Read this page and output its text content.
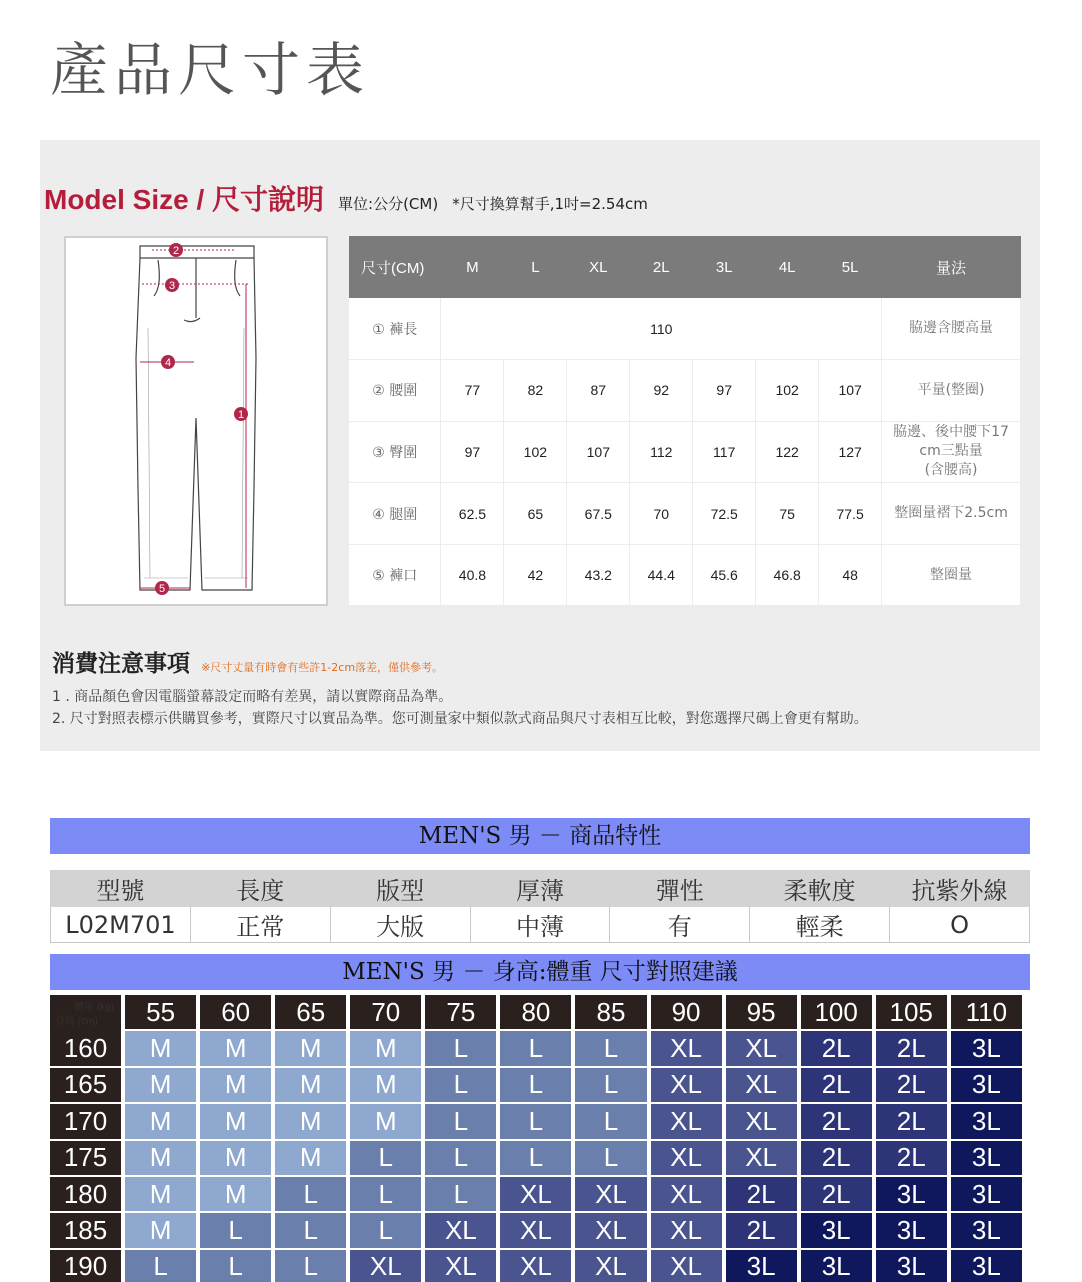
產品尺寸表
Model Size / 尺寸說明 單位:公分(CM) *尺寸換算幫手,1吋=2.54cm
2
3
4
1
5
尺寸(CM)	M	L	XL	2L	3L	4L	5L	量法
① 褲長	110							脇邊含腰高量
② 腰圍	77	82	87	92	97	102	107	平量(整圈)
③ 臀圍	97	102	107	112	117	122	127	脇邊、後中腰下17
cm三點量
(含腰高)

④ 腿圍	62.5	65	67.5	70	72.5	75	77.5	整圈量褶下2.5cm
⑤ 褲口	40.8	42	43.2	44.4	45.6	46.8	48	整圈量
消費注意事項 ※尺寸丈量有時會有些許1-2cm落差，僅供參考。
1 . 商品顏色會因電腦螢幕設定而略有差異，請以實際商品為準。
2. 尺寸對照表標示供購買參考，實際尺寸以實品為準。您可測量家中類似款式商品與尺寸表相互比較，對您選擇尺碼上會更有幫助。
MEN'S 男 － 商品特性
型號	長度	版型	厚薄	彈性	柔軟度	抗紫外線
L02M701	正常	大版	中薄	有	輕柔	O
MEN'S 男 － 身高:體重 尺寸對照建議
體重 (kg)
身高 (cm)	55	60	65	70	75	80	85	90	95	100	105	110
160	M	M	M	M	L	L	L	XL	XL	2L	2L	3L
165	M	M	M	M	L	L	L	XL	XL	2L	2L	3L
170	M	M	M	M	L	L	L	XL	XL	2L	2L	3L
175	M	M	M	L	L	L	L	XL	XL	2L	2L	3L
180	M	M	L	L	L	XL	XL	XL	2L	2L	3L	3L
185	M	L	L	L	XL	XL	XL	XL	2L	3L	3L	3L
190	L	L	L	XL	XL	XL	XL	XL	3L	3L	3L	3L
